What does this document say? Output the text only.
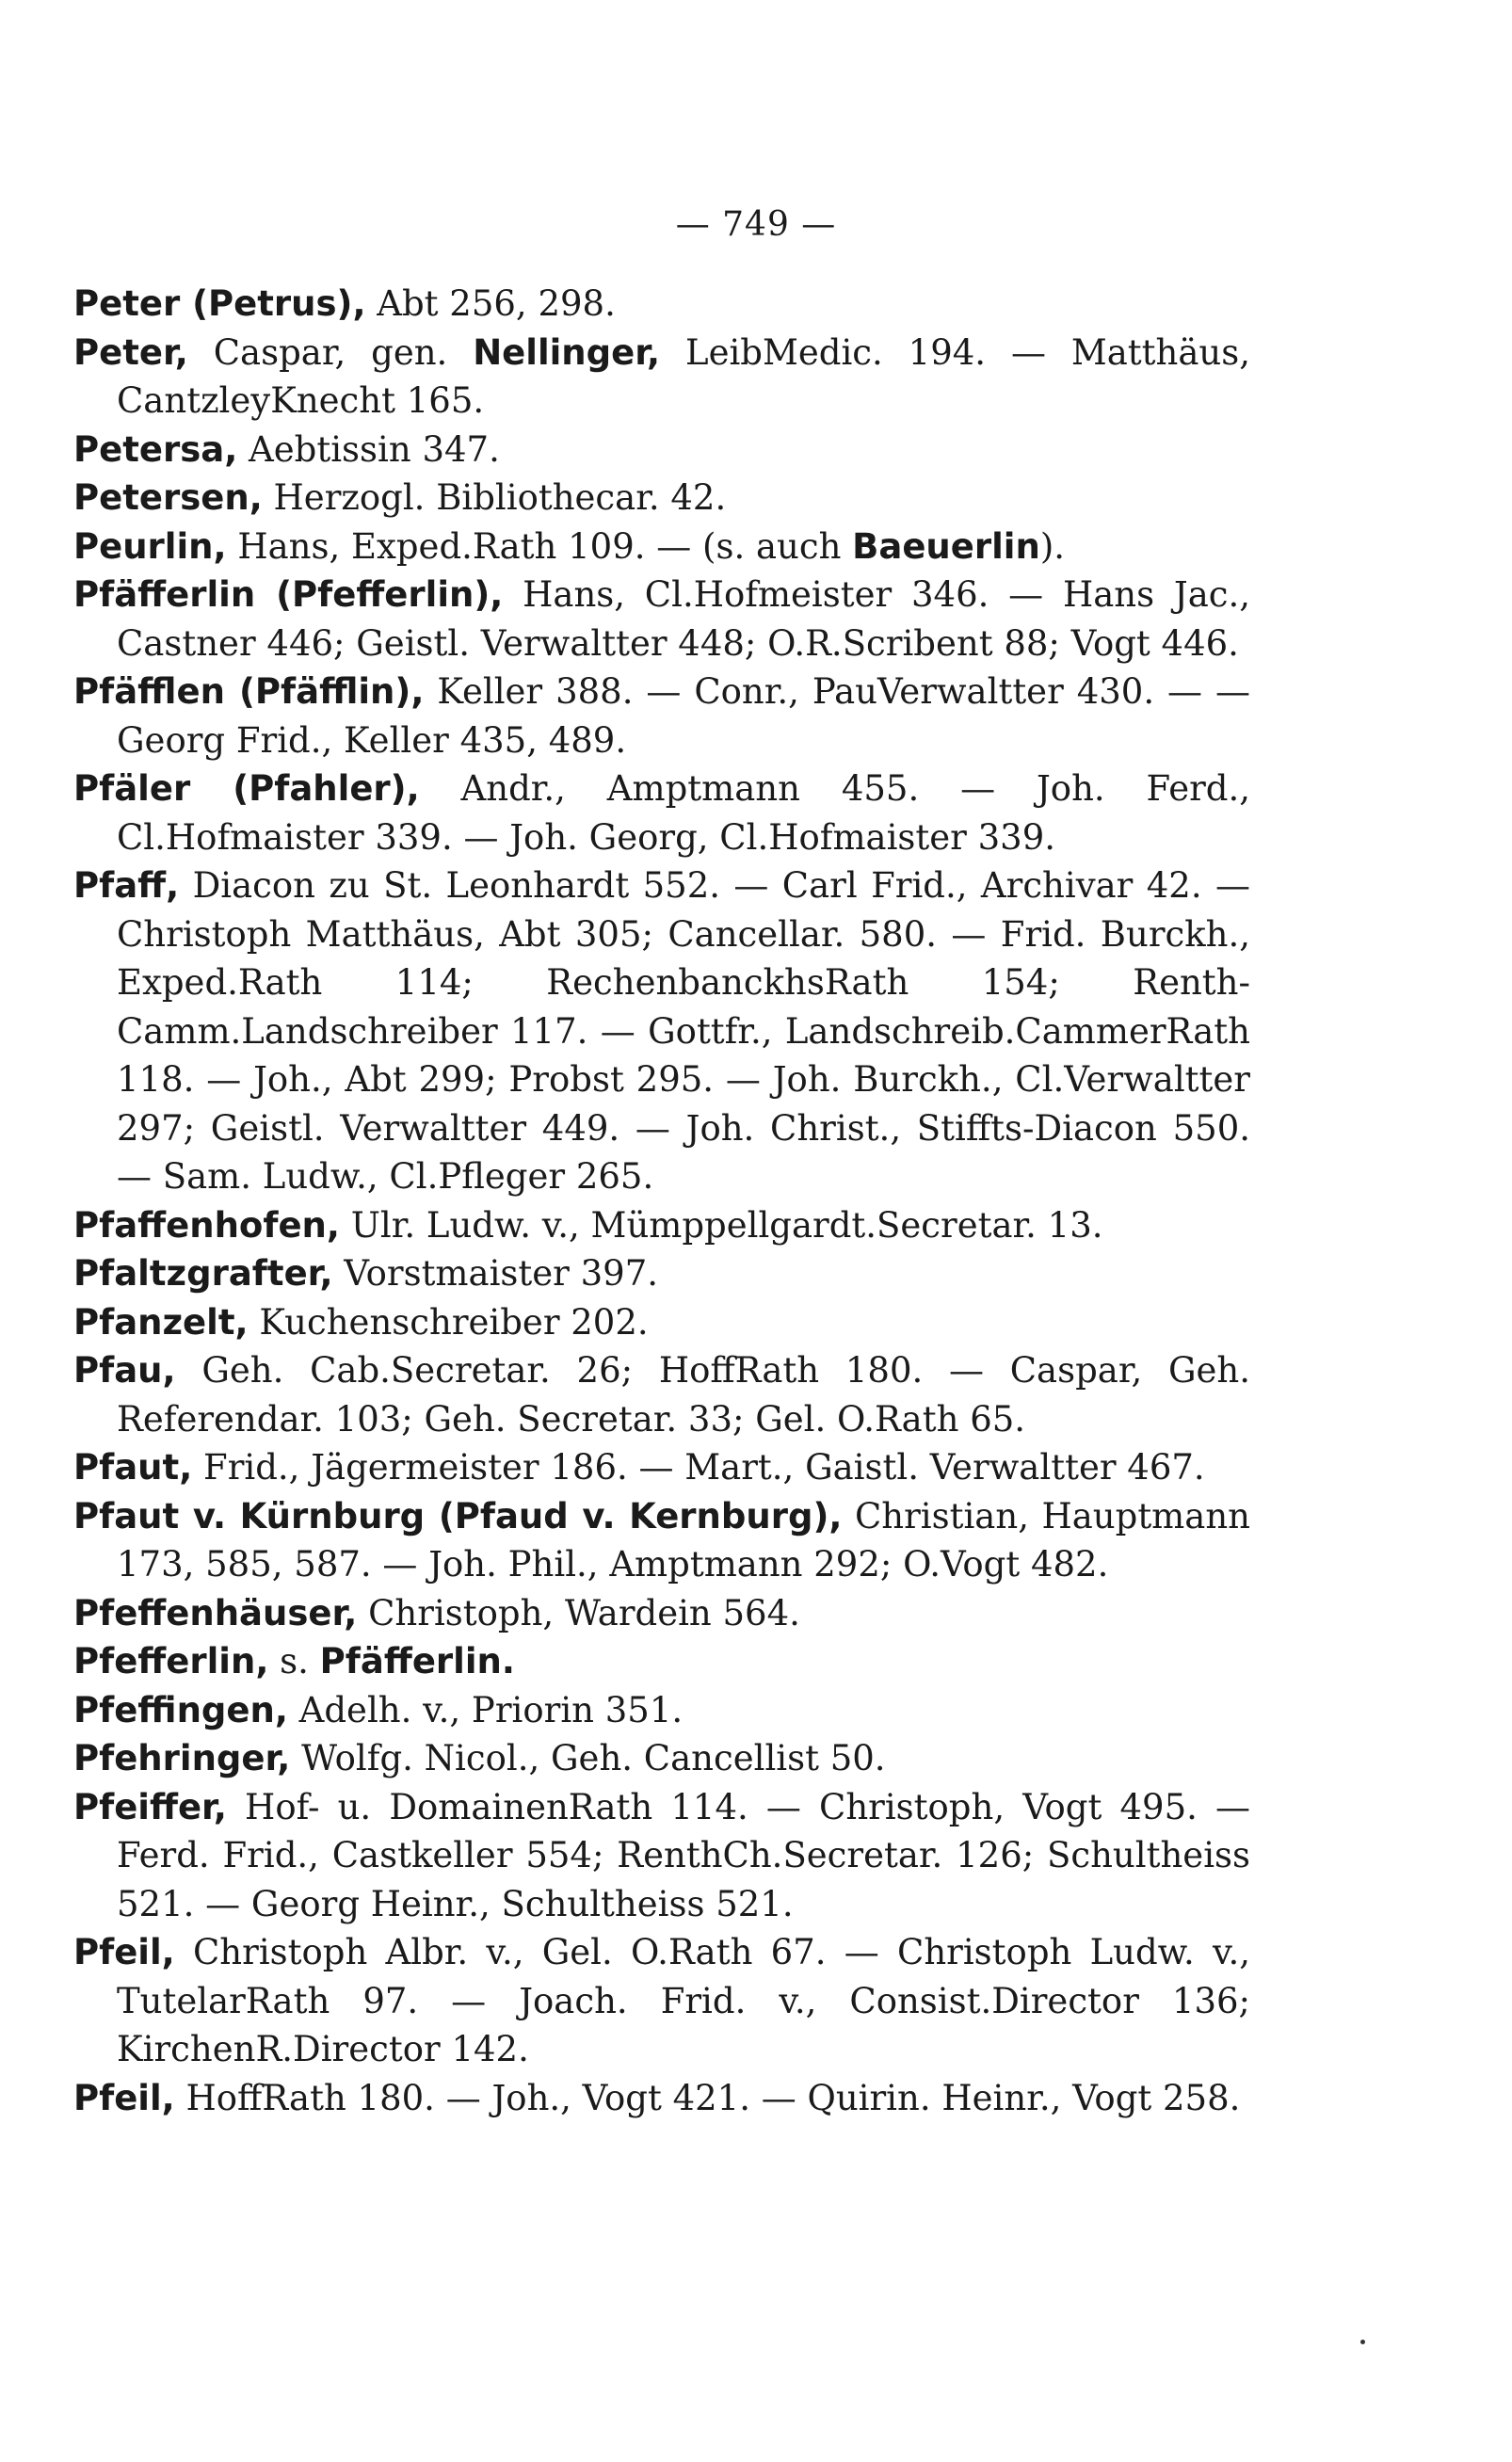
— 749 —

Peter (Petrus), Abt 256, 298.

Peter, Caspar, gen. Nellinger, LeibMedic. 194. — Matthäus, CantzleyKnecht 165.

Petersa, Aebtissin 347.

Petersen, Herzogl. Bibliothecar. 42.

Peurlin, Hans, Exped.Rath 109. — (s. auch Baeuerlin).

Pfäfferlin (Pfefferlin), Hans, Cl.Hofmeister 346. — Hans Jac., Castner 446; Geistl. Verwaltter 448; O.R.Scribent 88; Vogt 446.

Pfäfflen (Pfäfflin), Keller 388. — Conr., PauVerwaltter 430. — — Georg Frid., Keller 435, 489.

Pfäler (Pfahler), Andr., Amptmann 455. — Joh. Ferd., Cl.Hofmaister 339. — Joh. Georg, Cl.Hofmaister 339.

Pfaff, Diacon zu St. Leonhardt 552. — Carl Frid., Archivar 42. — Christoph Matthäus, Abt 305; Cancellar. 580. — Frid. Burckh., Exped.Rath 114; RechenbanckhsRath 154; Renth-Camm.Landschreiber 117. — Gottfr., Landschreib.CammerRath 118. — Joh., Abt 299; Probst 295. — Joh. Burckh., Cl.Verwaltter 297; Geistl. Verwaltter 449. — Joh. Christ., Stiffts-Diacon 550. — Sam. Ludw., Cl.Pfleger 265.

Pfaffenhofen, Ulr. Ludw. v., Mümppellgardt.Secretar. 13.

Pfaltzgrafter, Vorstmaister 397.

Pfanzelt, Kuchenschreiber 202.

Pfau, Geh. Cab.Secretar. 26; HoffRath 180. — Caspar, Geh. Referendar. 103; Geh. Secretar. 33; Gel. O.Rath 65.

Pfaut, Frid., Jägermeister 186. — Mart., Gaistl. Verwaltter 467.

Pfaut v. Kürnburg (Pfaud v. Kernburg), Christian, Hauptmann 173, 585, 587. — Joh. Phil., Amptmann 292; O.Vogt 482.

Pfeffenhäuser, Christoph, Wardein 564.

Pfefferlin, s. Pfäfferlin.

Pfeffingen, Adelh. v., Priorin 351.

Pfehringer, Wolfg. Nicol., Geh. Cancellist 50.

Pfeiffer, Hof- u. DomainenRath 114. — Christoph, Vogt 495. — Ferd. Frid., Castkeller 554; RenthCh.Secretar. 126; Schultheiss 521. — Georg Heinr., Schultheiss 521.

Pfeil, Christoph Albr. v., Gel. O.Rath 67. — Christoph Ludw. v., TutelarRath 97. — Joach. Frid. v., Consist.Director 136; KirchenR.Director 142.

Pfeil, HoffRath 180. — Joh., Vogt 421. — Quirin. Heinr., Vogt 258.
